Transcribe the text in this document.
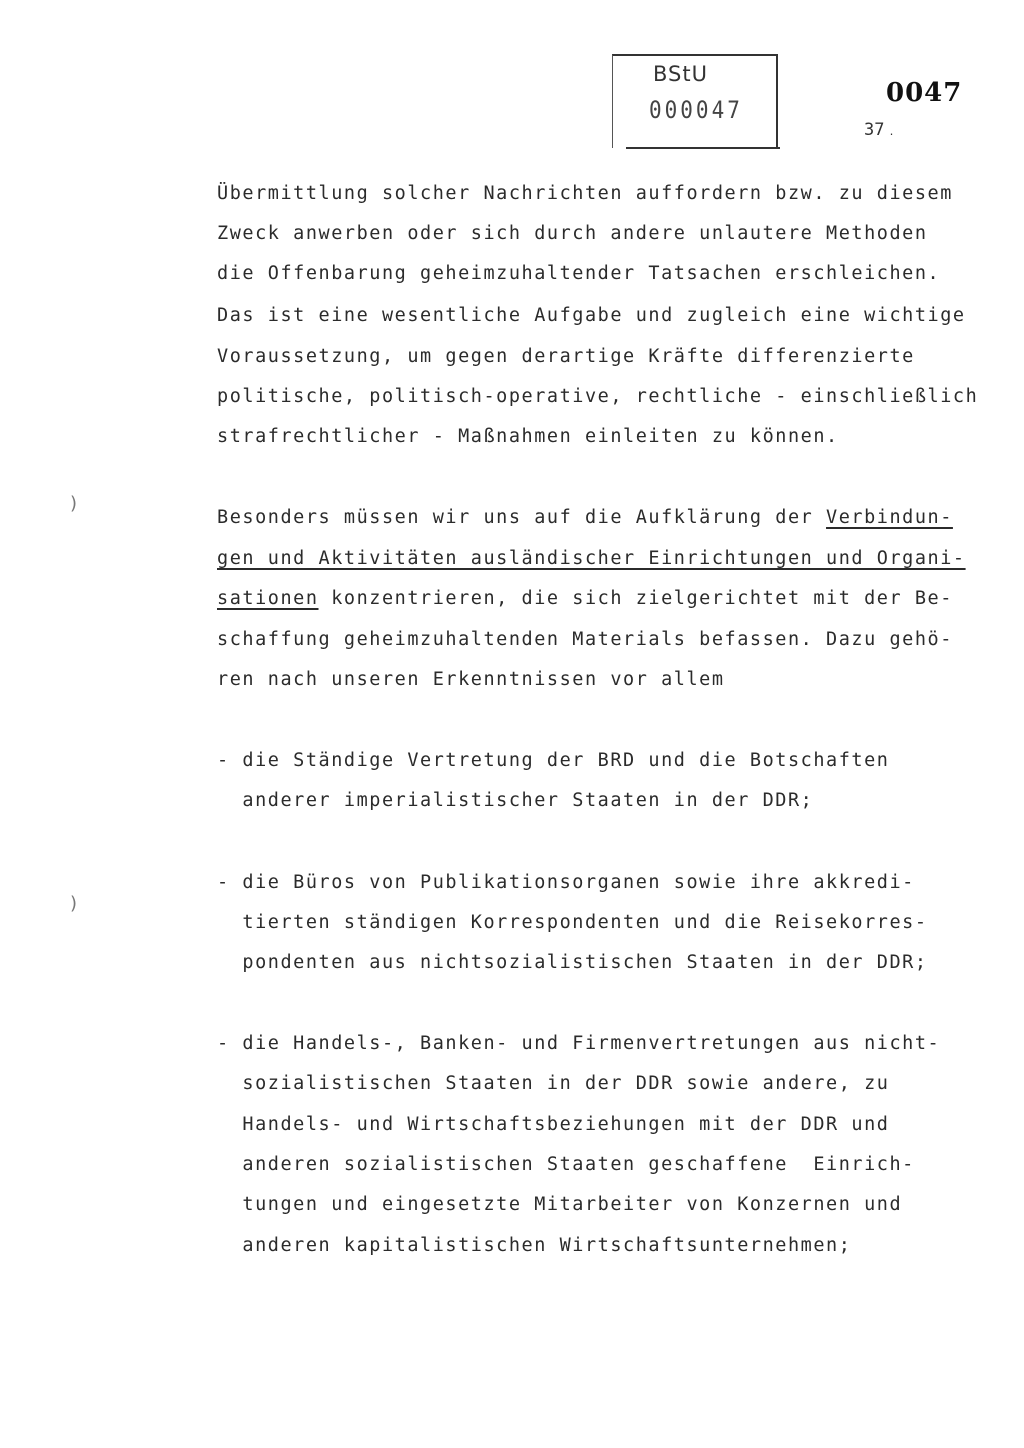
BStU
000047
0047
37 .
Übermittlung solcher Nachrichten auffordern bzw. zu diesem
Zweck anwerben oder sich durch andere unlautere Methoden
die Offenbarung geheimzuhaltender Tatsachen erschleichen.
Das ist eine wesentliche Aufgabe und zugleich eine wichtige
Voraussetzung, um gegen derartige Kräfte differenzierte
politische, politisch-operative, rechtliche - einschließlich
strafrechtlicher - Maßnahmen einleiten zu können.
Besonders müssen wir uns auf die Aufklärung der Verbindun-
gen und Aktivitäten ausländischer Einrichtungen und Organi-
sationen konzentrieren, die sich zielgerichtet mit der Be-
schaffung geheimzuhaltenden Materials befassen. Dazu gehö-
ren nach unseren Erkenntnissen vor allem
- die Ständige Vertretung der BRD und die Botschaften
anderer imperialistischer Staaten in der DDR;
- die Büros von Publikationsorganen sowie ihre akkredi-
tierten ständigen Korrespondenten und die Reisekorres-
pondenten aus nichtsozialistischen Staaten in der DDR;
- die Handels-, Banken- und Firmenvertretungen aus nicht-
sozialistischen Staaten in der DDR sowie andere, zu
Handels- und Wirtschaftsbeziehungen mit der DDR und
anderen sozialistischen Staaten geschaffene  Einrich-
tungen und eingesetzte Mitarbeiter von Konzernen und
anderen kapitalistischen Wirtschaftsunternehmen;
)
)
